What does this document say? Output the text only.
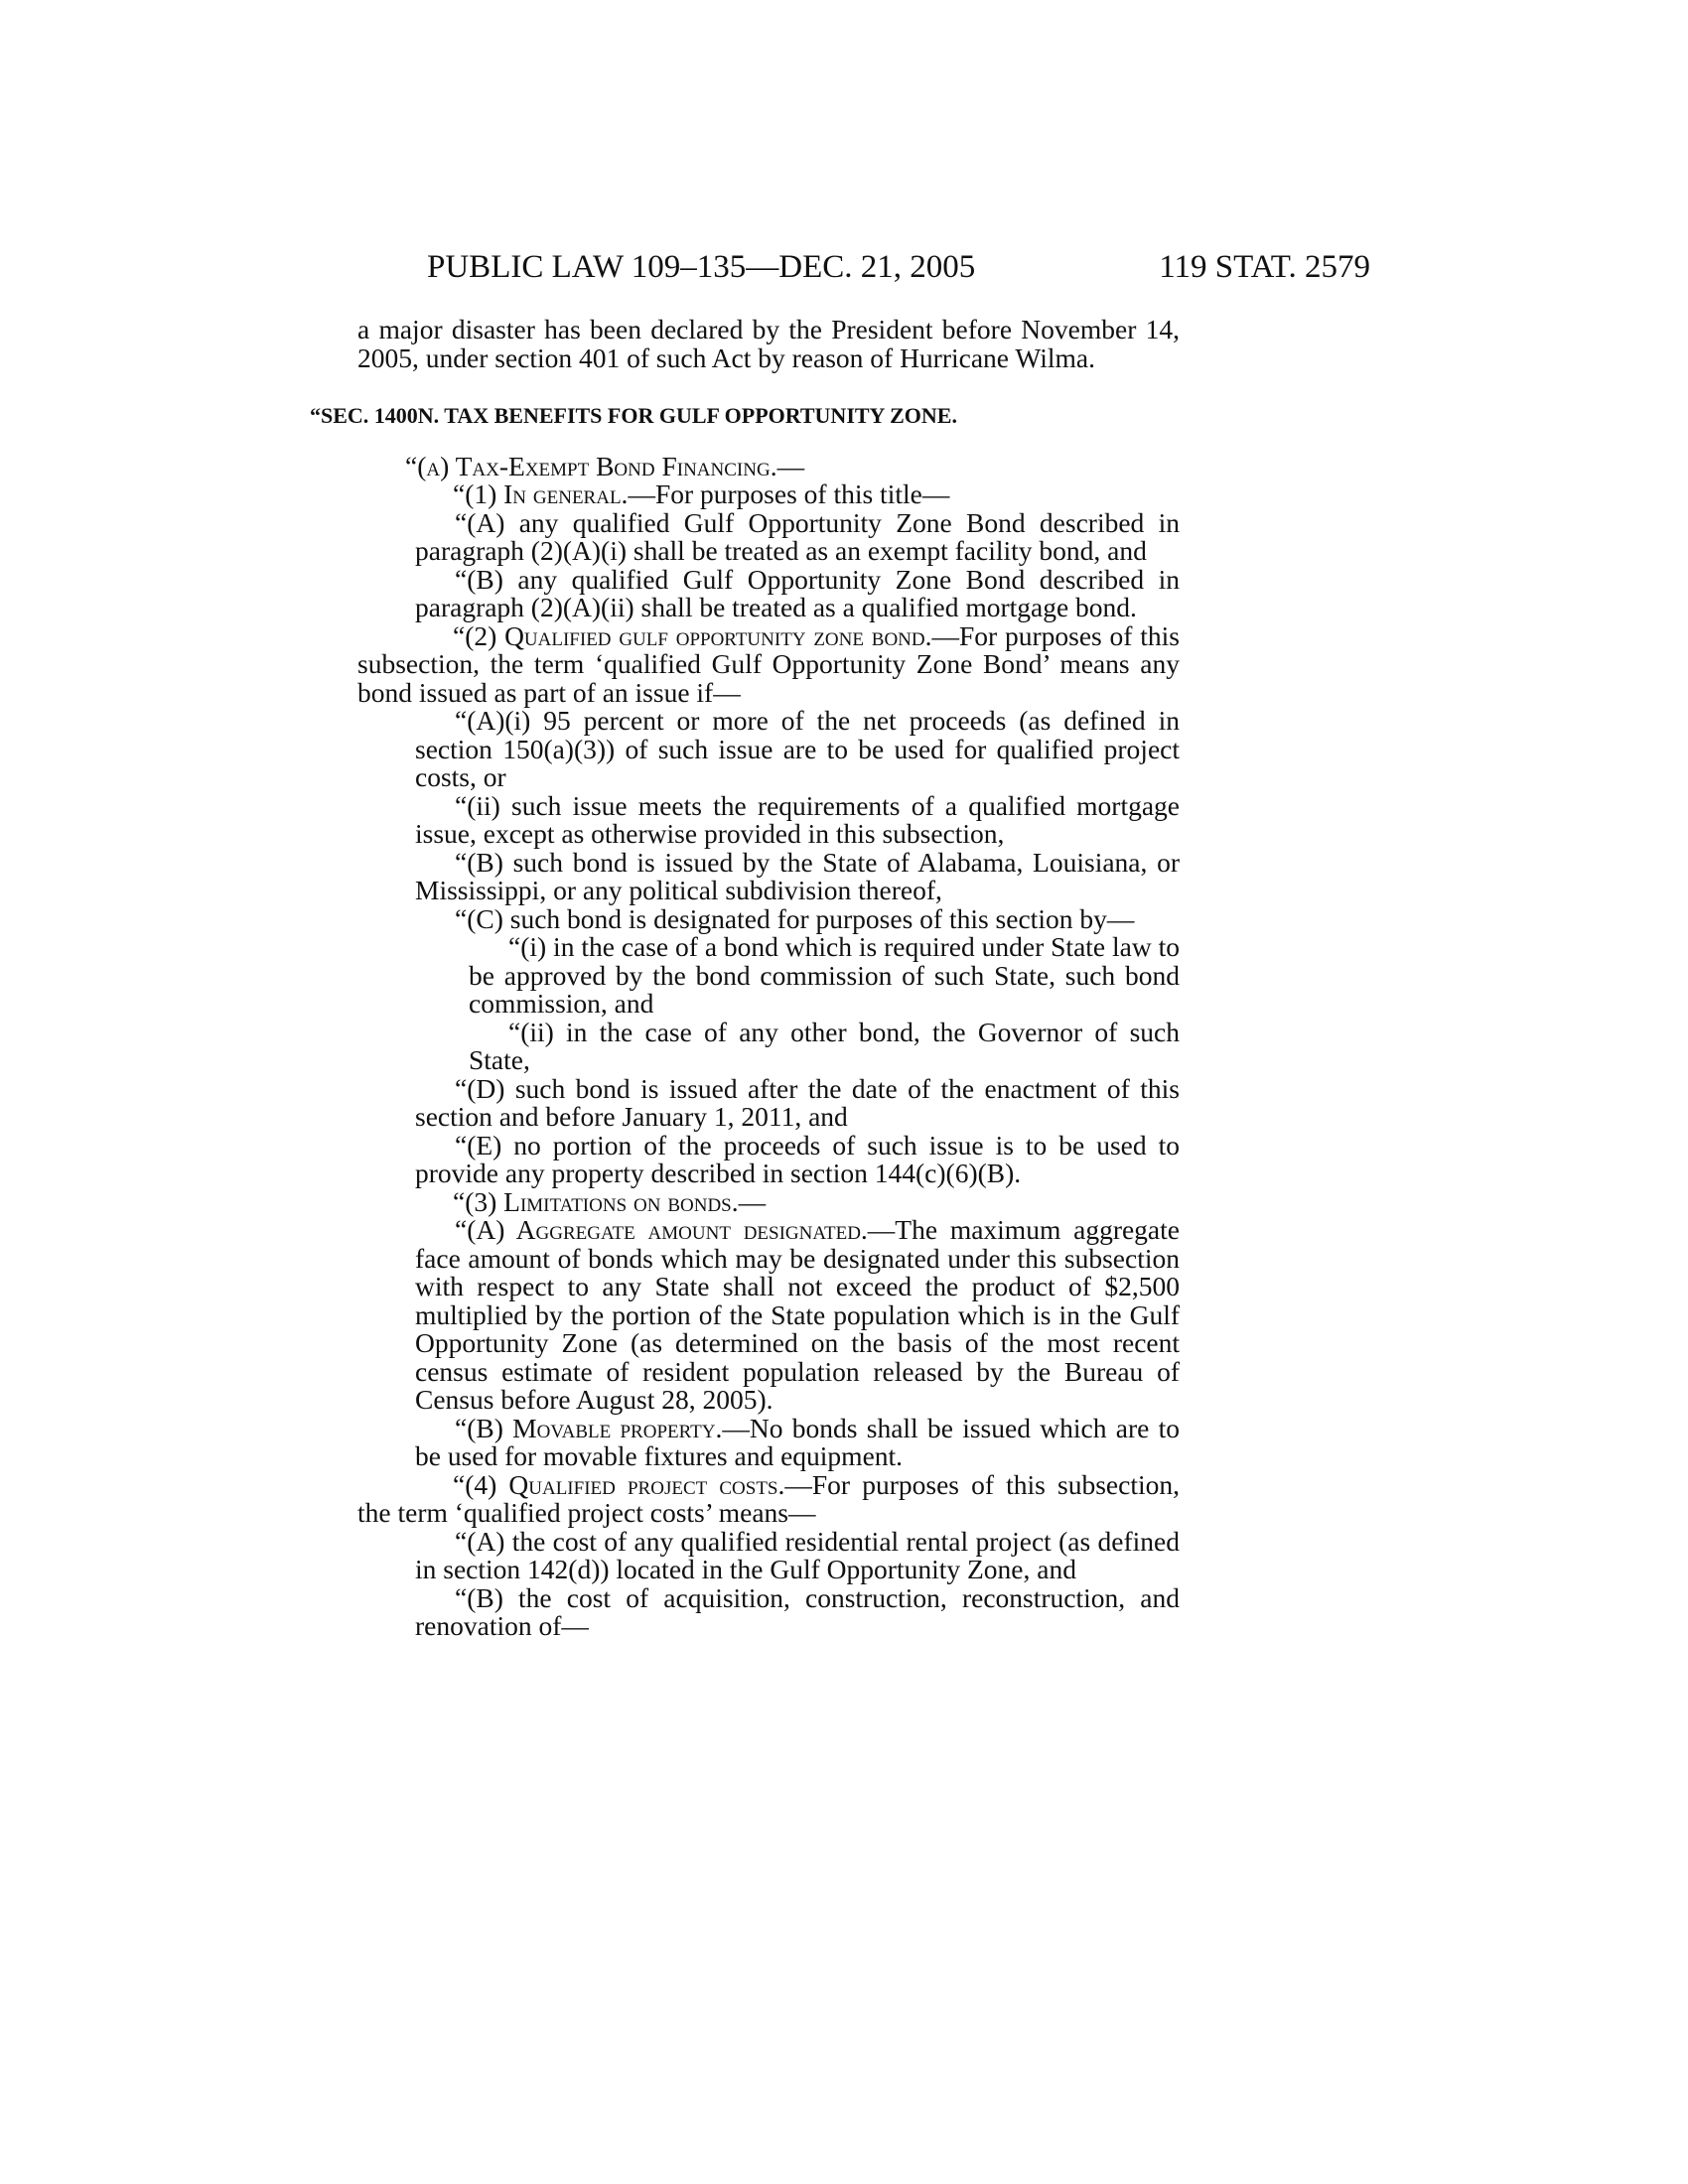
PUBLIC LAW 109–135—DEC. 21, 2005	119 STAT. 2579

a major disaster has been declared by the President before November 14, 2005, under section 401 of such Act by reason of Hurricane Wilma.

“SEC. 1400N. TAX BENEFITS FOR GULF OPPORTUNITY ZONE.

“(a) Tax-Exempt Bond Financing.—

“(1) In general.—For purposes of this title—

“(A) any qualified Gulf Opportunity Zone Bond described in paragraph (2)(A)(i) shall be treated as an exempt facility bond, and

“(B) any qualified Gulf Opportunity Zone Bond described in paragraph (2)(A)(ii) shall be treated as a qualified mortgage bond.

“(2) Qualified gulf opportunity zone bond.—For purposes of this subsection, the term ‘qualified Gulf Opportunity Zone Bond’ means any bond issued as part of an issue if—

“(A)(i) 95 percent or more of the net proceeds (as defined in section 150(a)(3)) of such issue are to be used for qualified project costs, or

“(ii) such issue meets the requirements of a qualified mortgage issue, except as otherwise provided in this subsection,

“(B) such bond is issued by the State of Alabama, Louisiana, or Mississippi, or any political subdivision thereof,

“(C) such bond is designated for purposes of this section by—

“(i) in the case of a bond which is required under State law to be approved by the bond commission of such State, such bond commission, and

“(ii) in the case of any other bond, the Governor of such State,

“(D) such bond is issued after the date of the enactment of this section and before January 1, 2011, and

“(E) no portion of the proceeds of such issue is to be used to provide any property described in section 144(c)(6)(B).

“(3) Limitations on bonds.—

“(A) Aggregate amount designated.—The maximum aggregate face amount of bonds which may be designated under this subsection with respect to any State shall not exceed the product of $2,500 multiplied by the portion of the State population which is in the Gulf Opportunity Zone (as determined on the basis of the most recent census estimate of resident population released by the Bureau of Census before August 28, 2005).

“(B) Movable property.—No bonds shall be issued which are to be used for movable fixtures and equipment.

“(4) Qualified project costs.—For purposes of this subsection, the term ‘qualified project costs’ means—

“(A) the cost of any qualified residential rental project (as defined in section 142(d)) located in the Gulf Opportunity Zone, and

“(B) the cost of acquisition, construction, reconstruction, and renovation of—
